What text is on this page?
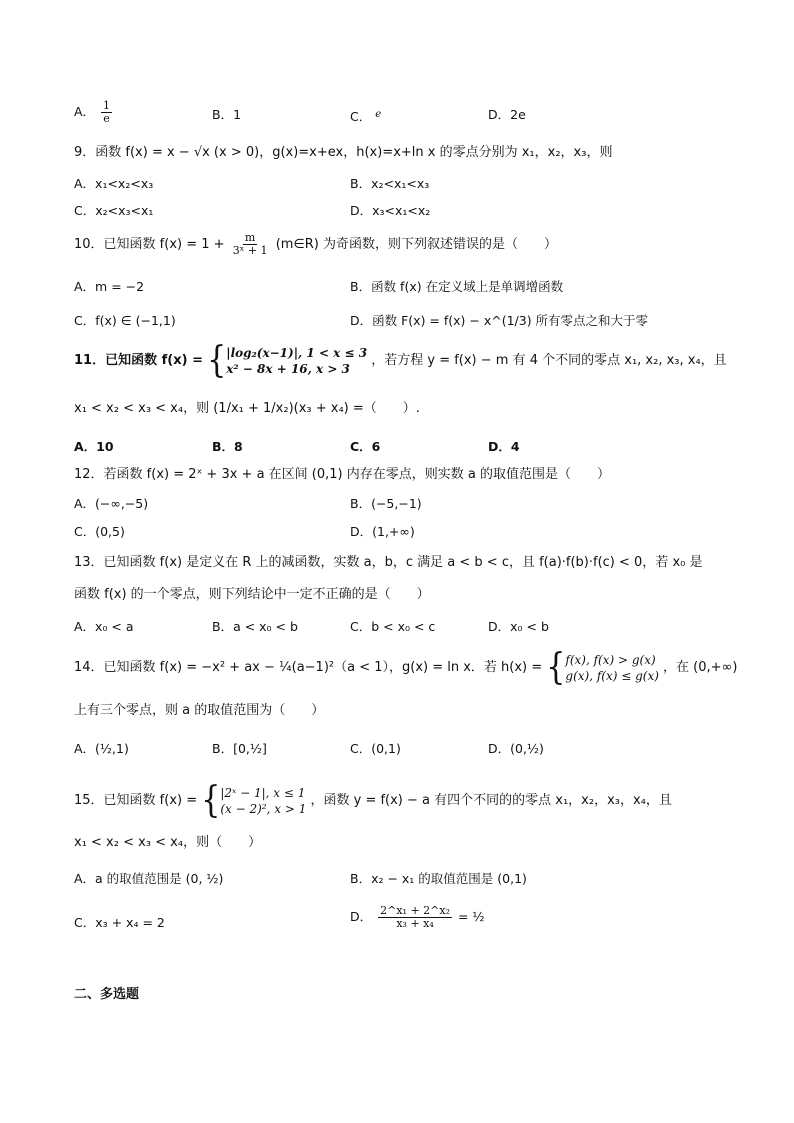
A． $\frac{1}{e}$	B．1	C． $^e$	D．2e
9．函数 f(x) = x − √x (x > 0)，g(x)=x+ex，h(x)=x+ln x 的零点分别为 x₁，x₂，x₃，则
A．x₁<x₂<x₃	B．x₂<x₁<x₃
C．x₂<x₃<x₁	D．x₃<x₁<x₂
10．已知函数 $f(x) = 1 + \frac{m}{\text{3ˣ + 1}}$ (m∈R) 为奇函数，则下列叙述错误的是（　　）
A．m = −2	B．函数 f(x) 在定义域上是单调增函数
C．f(x) ∈ (−1,1)	D．函数 F(x) = f(x) − x^(1/3) 所有零点之和大于零
11．已知函数 f(x) = { |log₂(x−1)|, 1 < x ≤ 3
x² − 8x + 16, x > 3
，若方程 y = f(x) − m 有 4 个不同的零点 x₁, x₂, x₃, x₄，且
x₁ < x₂ < x₃ < x₄，则 (1/x₁ + 1/x₂)(x₃ + x₄) =（　　）.
A．10	B．8	C．6	D．4
12．若函数 f(x) = 2ˣ + 3x + a 在区间 (0,1) 内存在零点，则实数 a 的取值范围是（　　）
A．(−∞,−5)	B．(−5,−1)
C．(0,5)	D．(1,+∞)
13．已知函数 f(x) 是定义在 R 上的减函数，实数 a，b，c 满足 a < b < c，且 f(a)·f(b)·f(c) < 0，若 x₀ 是
函数 f(x) 的一个零点，则下列结论中一定不正确的是（　　）
A．x₀ < a	B．a < x₀ < b	C．b < x₀ < c	D．x₀ < b
14．已知函数 f(x) = −x² + ax − ¼(a−1)²（a < 1），g(x) = ln x．若 h(x) = { f(x), f(x) > g(x)
g(x), f(x) ≤ g(x)
，在 (0,+∞)
上有三个零点，则 a 的取值范围为（　　）
A．(½,1)	B．[0,½]	C．(0,1)	D．(0,½)
15．已知函数 f(x) = { |2ˣ − 1|, x ≤ 1
(x − 2)², x > 1
，函数 y = f(x) − a 有四个不同的的零点 x₁，x₂，x₃，x₄，且
x₁ < x₂ < x₃ < x₄，则（　　）
A．a 的取值范围是 (0, ½)	B．x₂ − x₁ 的取值范围是 (0,1)
C．x₃ + x₄ = 2	D． $\frac{\text{2\textasciicircum{}x₁ + 2\textasciicircum{}x₂}}{\text{x₃ + x₄}}$ = ½
二、多选题
